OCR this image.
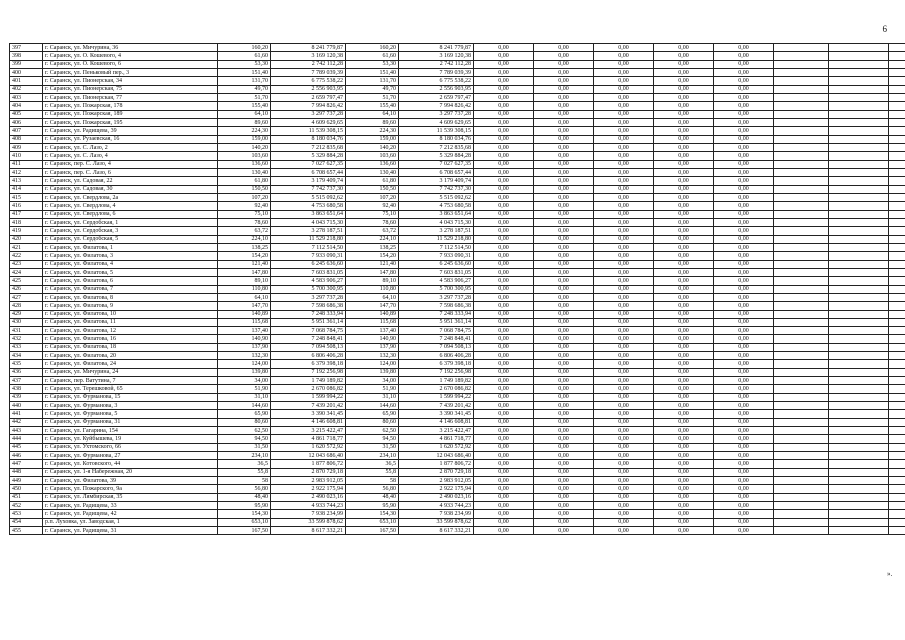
6
397	г. Саранск, ул. Мичурина, 36	160,20	8 241 779,87	160,20	8 241 779,87	0,00	0,00	0,00	0,00	0,00			
398	г. Саранск, ул. О. Кошевого, 4	61,60	3 169 120,38	61,60	3 169 120,38	0,00	0,00	0,00	0,00	0,00			
399	г. Саранск, ул. О. Кошевого, 6	53,30	2 742 112,28	53,30	2 742 112,28	0,00	0,00	0,00	0,00	0,00			
400	г. Саранск, ул. Пеньковый пер., 3	151,40	7 789 039,39	151,40	7 789 039,39	0,00	0,00	0,00	0,00	0,00			
401	г. Саранск, ул. Пионерская, 34	131,70	6 775 538,22	131,70	6 775 538,22	0,00	0,00	0,00	0,00	0,00			
402	г. Саранск, ул. Пионерская, 75	49,70	2 556 903,95	49,70	2 556 903,95	0,00	0,00	0,00	0,00	0,00			
403	г. Саранск, ул. Пионерская, 77	51,70	2 659 797,47	51,70	2 659 797,47	0,00	0,00	0,00	0,00	0,00			
404	г. Саранск, ул. Пожарская, 178	155,40	7 994 826,42	155,40	7 994 826,42	0,00	0,00	0,00	0,00	0,00			
405	г. Саранск, ул. Пожарская, 189	64,10	3 297 737,28	64,10	3 297 737,28	0,00	0,00	0,00	0,00	0,00			
406	г. Саранск, ул. Пожарская, 195	89,60	4 609 629,65	89,60	4 609 629,65	0,00	0,00	0,00	0,00	0,00			
407	г. Саранск, ул. Радищева, 39	224,30	11 539 308,15	224,30	11 539 308,15	0,00	0,00	0,00	0,00	0,00			
408	г. Саранск, ул. Рузаевская, 16	159,00	8 180 034,76	159,00	8 180 034,76	0,00	0,00	0,00	0,00	0,00			
409	г. Саранск, ул. С. Лазо, 2	140,20	7 212 835,68	140,20	7 212 835,68	0,00	0,00	0,00	0,00	0,00			
410	г. Саранск, ул. С. Лазо, 4	103,60	5 329 884,28	103,60	5 329 884,28	0,00	0,00	0,00	0,00	0,00			
411	г. Саранск, пер. С. Лазо, 4	136,60	7 027 627,35	136,60	7 027 627,35	0,00	0,00	0,00	0,00	0,00			
412	г. Саранск, пер. С. Лазо, 6	130,40	6 708 657,44	130,40	6 708 657,44	0,00	0,00	0,00	0,00	0,00			
413	г. Саранск, ул. Садовая, 22	61,80	3 179 409,74	61,80	3 179 409,74	0,00	0,00	0,00	0,00	0,00			
414	г. Саранск, ул. Садовая, 30	150,50	7 742 737,30	150,50	7 742 737,30	0,00	0,00	0,00	0,00	0,00			
415	г. Саранск, ул. Свердлова, 2а	107,20	5 515 092,62	107,20	5 515 092,62	0,00	0,00	0,00	0,00	0,00			
416	г. Саранск, ул. Свердлова, 4	92,40	4 753 680,58	92,40	4 753 680,58	0,00	0,00	0,00	0,00	0,00			
417	г. Саранск, ул. Свердлова, 6	75,10	3 863 651,64	75,10	3 863 651,64	0,00	0,00	0,00	0,00	0,00			
418	г. Саранск, ул. Сердобская, 1	78,60	4 043 715,30	78,60	4 043 715,30	0,00	0,00	0,00	0,00	0,00			
419	г. Саранск, ул. Сердобская, 3	63,72	3 278 187,51	63,72	3 278 187,51	0,00	0,00	0,00	0,00	0,00			
420	г. Саранск, ул. Сердобская, 5	224,10	11 529 218,80	224,10	11 529 218,80	0,00	0,00	0,00	0,00	0,00			
421	г. Саранск, ул. Филатова, 1	138,25	7 112 514,50	138,25	7 112 514,50	0,00	0,00	0,00	0,00	0,00			
422	г. Саранск, ул. Филатова, 3	154,20	7 933 090,31	154,20	7 933 090,31	0,00	0,00	0,00	0,00	0,00			
423	г. Саранск, ул. Филатова, 4	121,40	6 245 636,60	121,40	6 245 636,60	0,00	0,00	0,00	0,00	0,00			
424	г. Саранск, ул. Филатова, 5	147,80	7 603 831,05	147,80	7 603 831,05	0,00	0,00	0,00	0,00	0,00			
425	г. Саранск, ул. Филатова, 6	89,10	4 583 906,27	89,10	4 583 906,27	0,00	0,00	0,00	0,00	0,00			
426	г. Саранск, ул. Филатова, 7	110,80	5 700 300,95	110,80	5 700 300,95	0,00	0,00	0,00	0,00	0,00			
427	г. Саранск, ул. Филатова, 8	64,10	3 297 737,28	64,10	3 297 737,28	0,00	0,00	0,00	0,00	0,00			
428	г. Саранск, ул. Филатова, 9	147,70	7 598 686,38	147,70	7 598 686,38	0,00	0,00	0,00	0,00	0,00			
429	г. Саранск, ул. Филатова, 10	140,89	7 248 333,94	140,89	7 248 333,94	0,00	0,00	0,00	0,00	0,00			
430	г. Саранск, ул. Филатова, 11	115,68	5 951 361,14	115,68	5 951 361,14	0,00	0,00	0,00	0,00	0,00			
431	г. Саранск, ул. Филатова, 12	137,40	7 068 784,75	137,40	7 068 784,75	0,00	0,00	0,00	0,00	0,00			
432	г. Саранск, ул. Филатова, 16	140,90	7 248 848,41	140,90	7 248 848,41	0,00	0,00	0,00	0,00	0,00			
433	г. Саранск, ул. Филатова, 18	137,90	7 094 508,13	137,90	7 094 508,13	0,00	0,00	0,00	0,00	0,00			
434	г. Саранск, ул. Филатова, 20	132,30	6 806 406,28	132,30	6 806 406,28	0,00	0,00	0,00	0,00	0,00			
435	г. Саранск, ул. Филатова, 24	124,00	6 379 398,18	124,00	6 379 398,18	0,00	0,00	0,00	0,00	0,00			
436	г. Саранск, ул. Мичурина, 24	139,80	7 192 256,98	139,80	7 192 256,98	0,00	0,00	0,00	0,00	0,00			
437	г. Саранск, пер. Ватутина, 7	34,00	1 749 189,82	34,00	1 749 189,82	0,00	0,00	0,00	0,00	0,00			
438	г. Саранск, ул. Терешковой, 65	51,90	2 670 086,82	51,90	2 670 086,82	0,00	0,00	0,00	0,00	0,00			
439	г. Саранск, ул. Фурманова, 15	31,10	1 599 994,22	31,10	1 599 994,22	0,00	0,00	0,00	0,00	0,00			
440	г. Саранск, ул. Фурманова, 3	144,60	7 439 201,42	144,60	7 439 201,42	0,00	0,00	0,00	0,00	0,00			
441	г. Саранск, ул. Фурманова, 5	65,90	3 390 341,45	65,90	3 390 341,45	0,00	0,00	0,00	0,00	0,00			
442	г. Саранск, ул. Фурманова, 31	80,60	4 146 608,81	80,60	4 146 608,81	0,00	0,00	0,00	0,00	0,00			
443	г. Саранск, ул. Гагарина, 154	62,50	3 215 422,47	62,50	3 215 422,47	0,00	0,00	0,00	0,00	0,00			
444	г. Саранск, ул. Куйбышева, 19	94,50	4 861 718,77	94,50	4 861 718,77	0,00	0,00	0,00	0,00	0,00			
445	г. Саранск, ул. Ухтомского, 66	31,50	1 620 572,92	31,50	1 620 572,92	0,00	0,00	0,00	0,00	0,00			
446	г. Саранск, ул. Фурманова, 27	234,10	12 043 686,40	234,10	12 043 686,40	0,00	0,00	0,00	0,00	0,00			
447	г. Саранск, ул. Котовского, 44	36,5	1 877 806,72	36,5	1 877 806,72	0,00	0,00	0,00	0,00	0,00			
448	г. Саранск, ул. 1-я Набережная, 20	55,8	2 870 729,18	55,8	2 870 729,18	0,00	0,00	0,00	0,00	0,00			
449	г. Саранск, ул. Филатова, 39	58	2 983 912,05	58	2 983 912,05	0,00	0,00	0,00	0,00	0,00			
450	г. Саранск, ул. Пожарского, 9а	56,80	2 922 175,94	56,80	2 922 175,94	0,00	0,00	0,00	0,00	0,00			
451	г. Саранск, ул. Лямбирская, 35	48,40	2 490 023,16	48,40	2 490 023,16	0,00	0,00	0,00	0,00	0,00			
452	г. Саранск, ул. Радищева, 33	95,90	4 933 744,23	95,90	4 933 744,23	0,00	0,00	0,00	0,00	0,00			
453	г. Саранск, ул. Радищева, 42	154,30	7 938 234,99	154,30	7 938 234,99	0,00	0,00	0,00	0,00	0,00			
454	р.п. Луховка, ул. Заводская, 1	653,10	33 599 878,62	653,10	33 599 878,62	0,00	0,00	0,00	0,00	0,00			
455	г. Саранск, ул. Радищева, 31	167,50	8 617 332,21	167,50	8 617 332,21	0,00	0,00	0,00	0,00	0,00			
».
